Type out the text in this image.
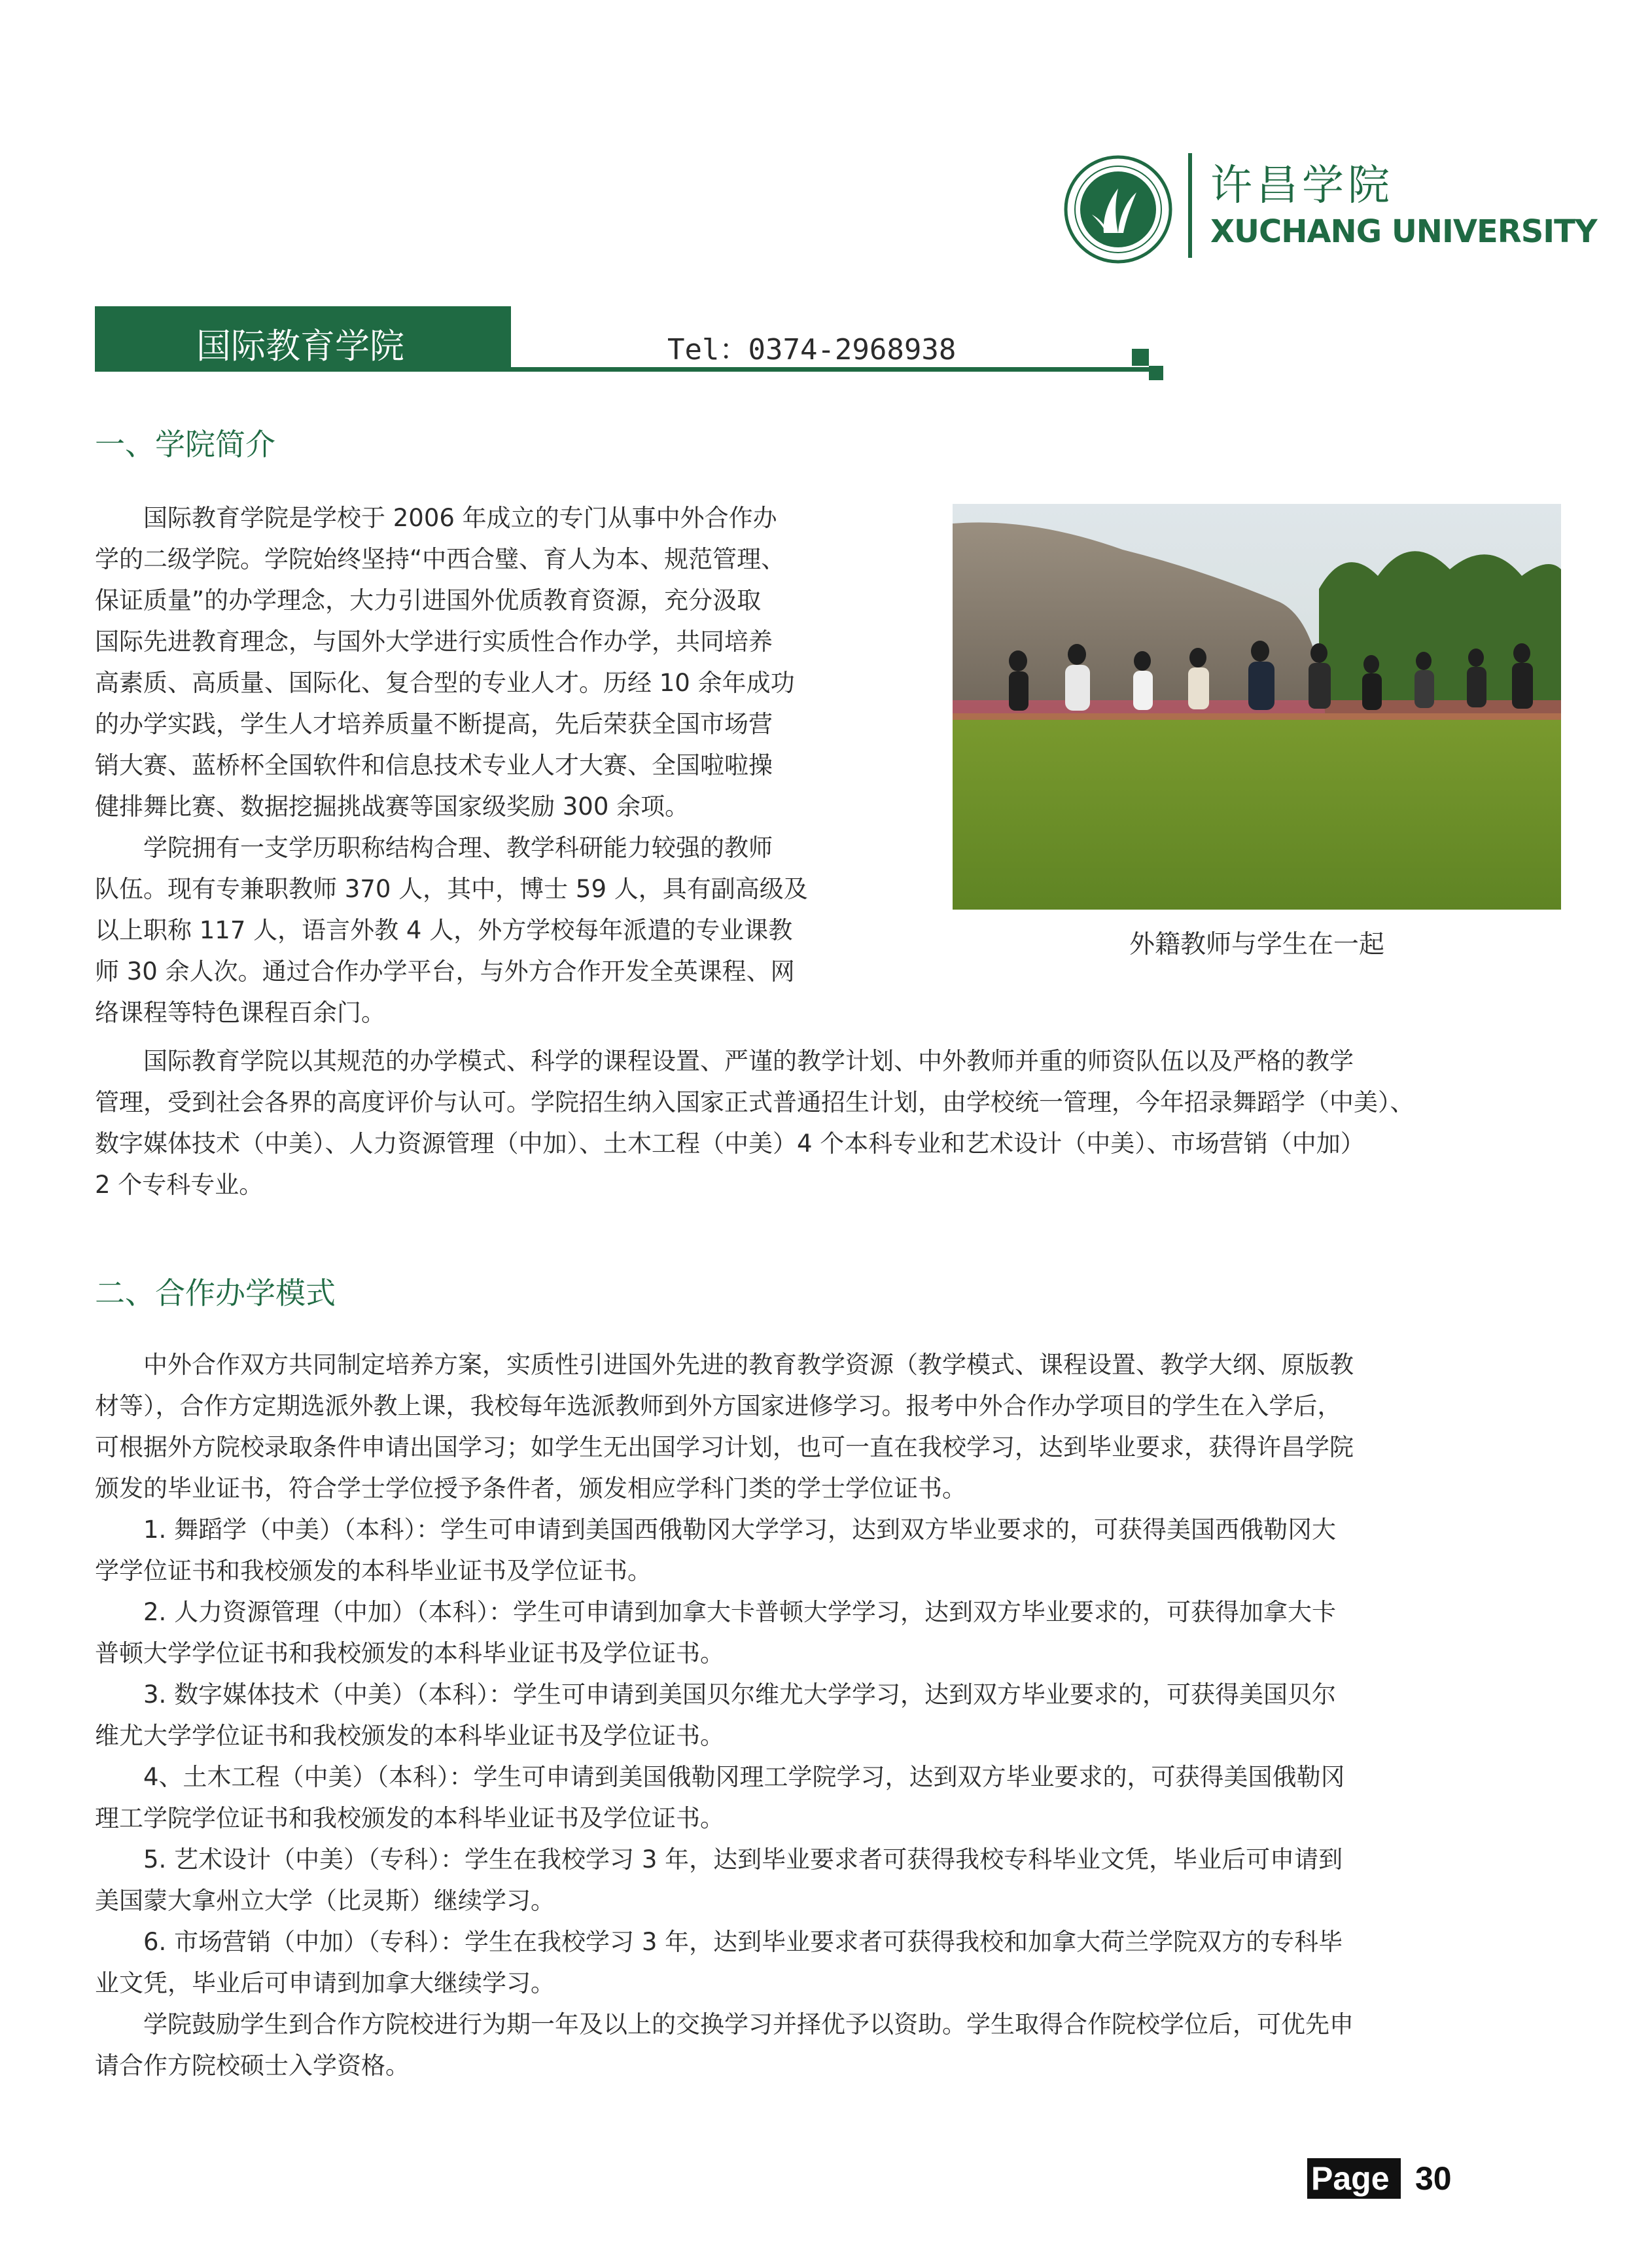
许昌学院
XUCHANG UNIVERSITY
国际教育学院	Tel：0374-2968938
一、学院简介
　　国际教育学院是学校于 2006 年成立的专门从事中外合作办
学的二级学院。学院始终坚持“中西合璧、育人为本、规范管理、
保证质量”的办学理念，大力引进国外优质教育资源，充分汲取
国际先进教育理念，与国外大学进行实质性合作办学，共同培养
高素质、高质量、国际化、复合型的专业人才。历经 10 余年成功
的办学实践，学生人才培养质量不断提高，先后荣获全国市场营
销大赛、蓝桥杯全国软件和信息技术专业人才大赛、全国啦啦操
健排舞比赛、数据挖掘挑战赛等国家级奖励 300 余项。
　　学院拥有一支学历职称结构合理、教学科研能力较强的教师
队伍。现有专兼职教师 370 人，其中，博士 59 人，具有副高级及
以上职称 117 人，语言外教 4 人，外方学校每年派遣的专业课教
师 30 余人次。通过合作办学平台，与外方合作开发全英课程、网
络课程等特色课程百余门。
外籍教师与学生在一起
　　国际教育学院以其规范的办学模式、科学的课程设置、严谨的教学计划、中外教师并重的师资队伍以及严格的教学
管理，受到社会各界的高度评价与认可。学院招生纳入国家正式普通招生计划，由学校统一管理，今年招录舞蹈学（中美）、
数字媒体技术（中美）、人力资源管理（中加）、土木工程（中美）4 个本科专业和艺术设计（中美）、市场营销（中加）
2 个专科专业。
二、合作办学模式
　　中外合作双方共同制定培养方案，实质性引进国外先进的教育教学资源（教学模式、课程设置、教学大纲、原版教
材等），合作方定期选派外教上课，我校每年选派教师到外方国家进修学习。报考中外合作办学项目的学生在入学后，
可根据外方院校录取条件申请出国学习；如学生无出国学习计划，也可一直在我校学习，达到毕业要求，获得许昌学院
颁发的毕业证书，符合学士学位授予条件者，颁发相应学科门类的学士学位证书。
　　1. 舞蹈学（中美）（本科）：学生可申请到美国西俄勒冈大学学习，达到双方毕业要求的，可获得美国西俄勒冈大
学学位证书和我校颁发的本科毕业证书及学位证书。
　　2. 人力资源管理（中加）（本科）：学生可申请到加拿大卡普顿大学学习，达到双方毕业要求的，可获得加拿大卡
普顿大学学位证书和我校颁发的本科毕业证书及学位证书。
　　3. 数字媒体技术（中美）（本科）：学生可申请到美国贝尔维尤大学学习，达到双方毕业要求的，可获得美国贝尔
维尤大学学位证书和我校颁发的本科毕业证书及学位证书。
　　4、土木工程（中美）（本科）：学生可申请到美国俄勒冈理工学院学习，达到双方毕业要求的，可获得美国俄勒冈
理工学院学位证书和我校颁发的本科毕业证书及学位证书。
　　5. 艺术设计（中美）（专科）：学生在我校学习 3 年，达到毕业要求者可获得我校专科毕业文凭，毕业后可申请到
美国蒙大拿州立大学（比灵斯）继续学习。
　　6. 市场营销（中加）（专科）：学生在我校学习 3 年，达到毕业要求者可获得我校和加拿大荷兰学院双方的专科毕
业文凭，毕业后可申请到加拿大继续学习。
　　学院鼓励学生到合作方院校进行为期一年及以上的交换学习并择优予以资助。学生取得合作院校学位后，可优先申
请合作方院校硕士入学资格。
Page 30
